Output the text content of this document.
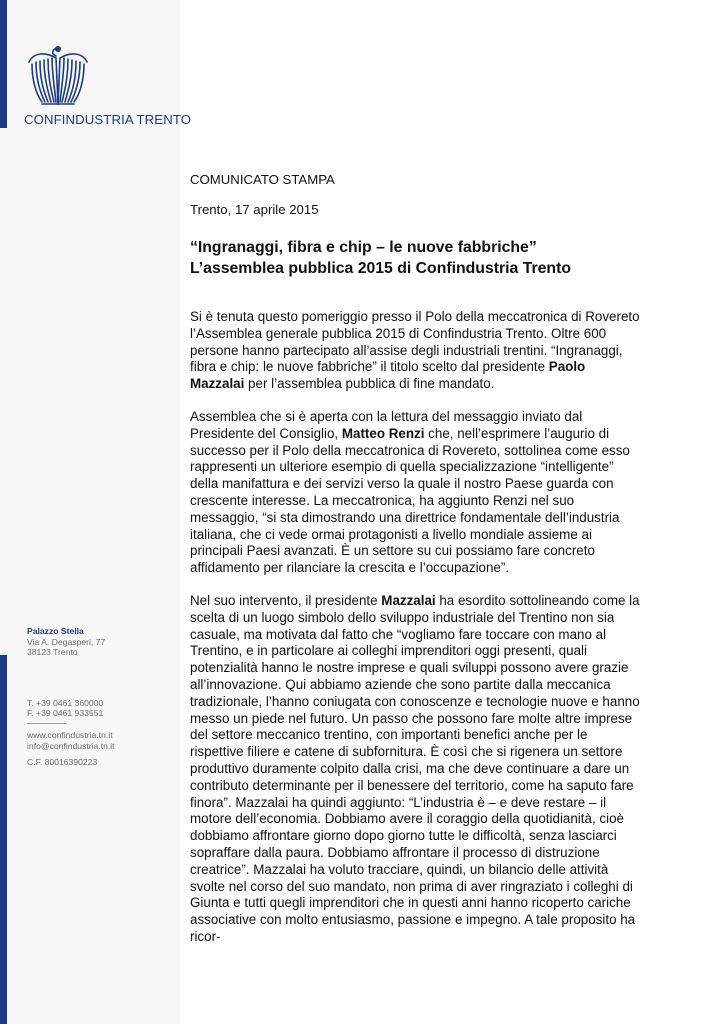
CONFINDUSTRIA TRENTO
Palazzo Stella
Via A. Degasperi, 77
38123 Trento
T. +39 0461 360000
F. +39 0461 933551
www.confindustria.tn.it
info@confindustria.tn.it
C.F. 80016390223

COMUNICATO STAMPA

Trento, 17 aprile 2015

“Ingranaggi, fibra e chip – le nuove fabbriche”
L’assemblea pubblica 2015 di Confindustria Trento

Si è tenuta questo pomeriggio presso il Polo della meccatronica di Rovereto l’Assemblea generale pubblica 2015 di Confindustria Trento. Oltre 600 persone hanno partecipato all’assise degli industriali trentini. “Ingranaggi, fibra e chip: le nuove fabbriche” il titolo scelto dal presidente Paolo Mazzalai per l’assemblea pubblica di fine mandato.

Assemblea che si è aperta con la lettura del messaggio inviato dal Presidente del Consiglio, Matteo Renzi che, nell’esprimere l’augurio di successo per il Polo della meccatronica di Rovereto, sottolinea come esso rappresenti un ulteriore esempio di quella specializzazione “intelligente” della manifattura e dei servizi verso la quale il nostro Paese guarda con crescente interesse. La meccatronica, ha aggiunto Renzi nel suo messaggio, “si sta dimostrando una direttrice fondamentale dell’industria italiana, che ci vede ormai protagonisti a livello mondiale assieme ai principali Paesi avanzati. È un settore su cui possiamo fare concreto affidamento per rilanciare la crescita e l’occupazione”.

Nel suo intervento, il presidente Mazzalai ha esordito sottolineando come la scelta di un luogo simbolo dello sviluppo industriale del Trentino non sia casuale, ma motivata dal fatto che “vogliamo fare toccare con mano al Trentino, e in particolare ai colleghi imprenditori oggi presenti, quali potenzialità hanno le nostre imprese e quali sviluppi possono avere grazie all’innovazione. Qui abbiamo aziende che sono partite dalla meccanica tradizionale, l’hanno coniugata con conoscenze e tecnologie nuove e hanno messo un piede nel futuro. Un passo che possono fare molte altre imprese del settore meccanico trentino, con importanti benefici anche per le rispettive filiere e catene di subfornitura. È così che si rigenera un settore produttivo duramente colpito dalla crisi, ma che deve continuare a dare un contributo determinante per il benessere del territorio, come ha saputo fare finora”. Mazzalai ha quindi aggiunto: “L’industria è – e deve restare – il motore dell’economia. Dobbiamo avere il coraggio della quotidianità, cioè dobbiamo affrontare giorno dopo giorno tutte le difficoltà, senza lasciarci sopraffare dalla paura. Dobbiamo affrontare il processo di distruzione creatrice”. Mazzalai ha voluto tracciare, quindi, un bilancio delle attività svolte nel corso del suo mandato, non prima di aver ringraziato i colleghi di Giunta e tutti quegli imprenditori che in questi anni hanno ricoperto cariche associative con molto entusiasmo, passione e impegno. A tale proposito ha ricor-
